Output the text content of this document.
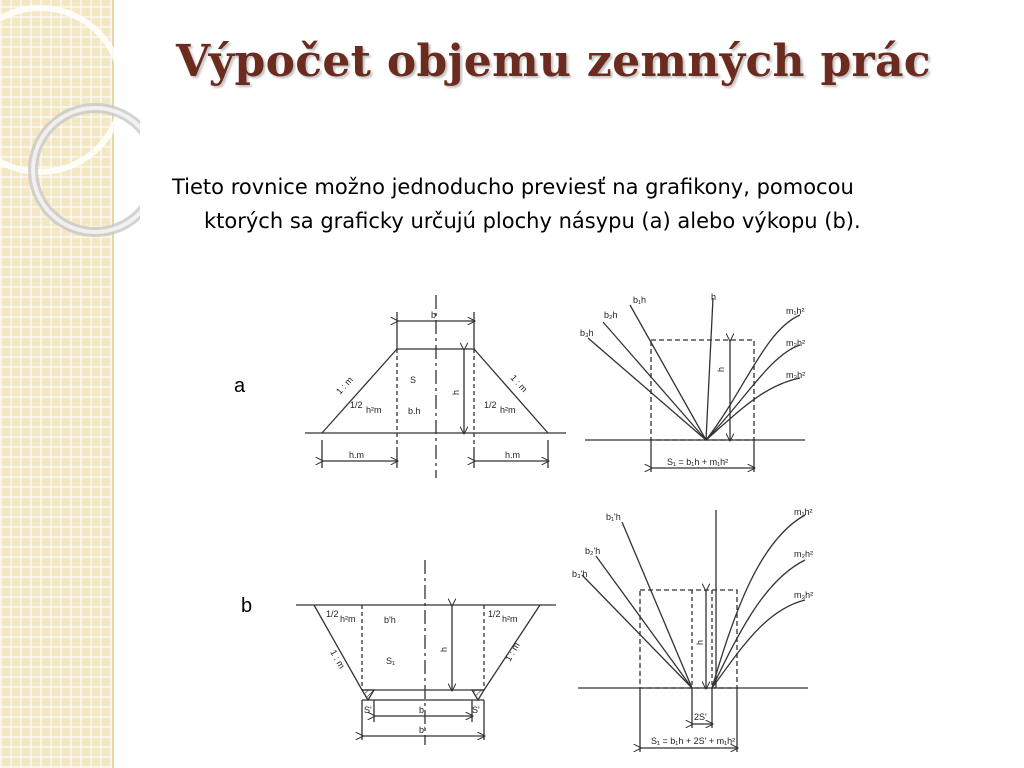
Výpočet objemu zemných prác
Tieto rovnice možno jednoducho previesť na grafikony, pomocou
ktorých sa graficky určujú plochy násypu (a) alebo výkopu (b).
a
b
b
1 : m	1 : m
S
1/2 h²m	b.h
1/2 h²m
h
h.m	h.m
b₁h
b₂h
b₃h
h
m₁h²
m₂h²
m₃h²
h
S₁ = b₁h + m₁h²
1/2 h²m	b'h
S₁
1/2 h²m
h
1 : m	1 : m
S'	S'
b
b'
b₁'h
b₂'h
b₃'h
m₁h²
m₂h²
m₃h²
h
2S'
S₁ = b₁h + 2S' + m₁h²
